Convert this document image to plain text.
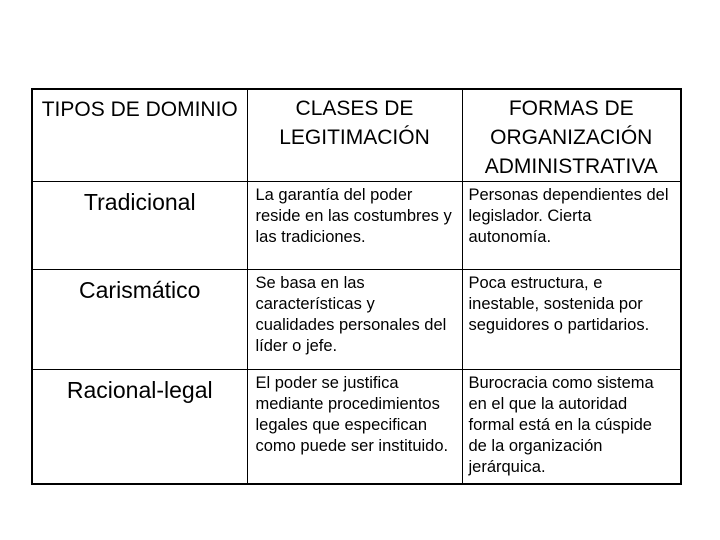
TIPOS DE DOMINIO	CLASES DE LEGITIMACIÓN	FORMAS DE ORGANIZACIÓN ADMINISTRATIVA

Tradicional	La garantía del poder reside en las costumbres y las tradiciones.	Personas dependientes del legislador. Cierta autonomía.

Carismático	Se basa en las características y cualidades personales del líder o jefe.	Poca estructura, e inestable, sostenida por seguidores o partidarios.

Racional-legal	El poder se justifica mediante procedimientos legales que especifican como puede ser instituido.	Burocracia como sistema en el que la autoridad formal está en la cúspide de la organización jerárquica.
